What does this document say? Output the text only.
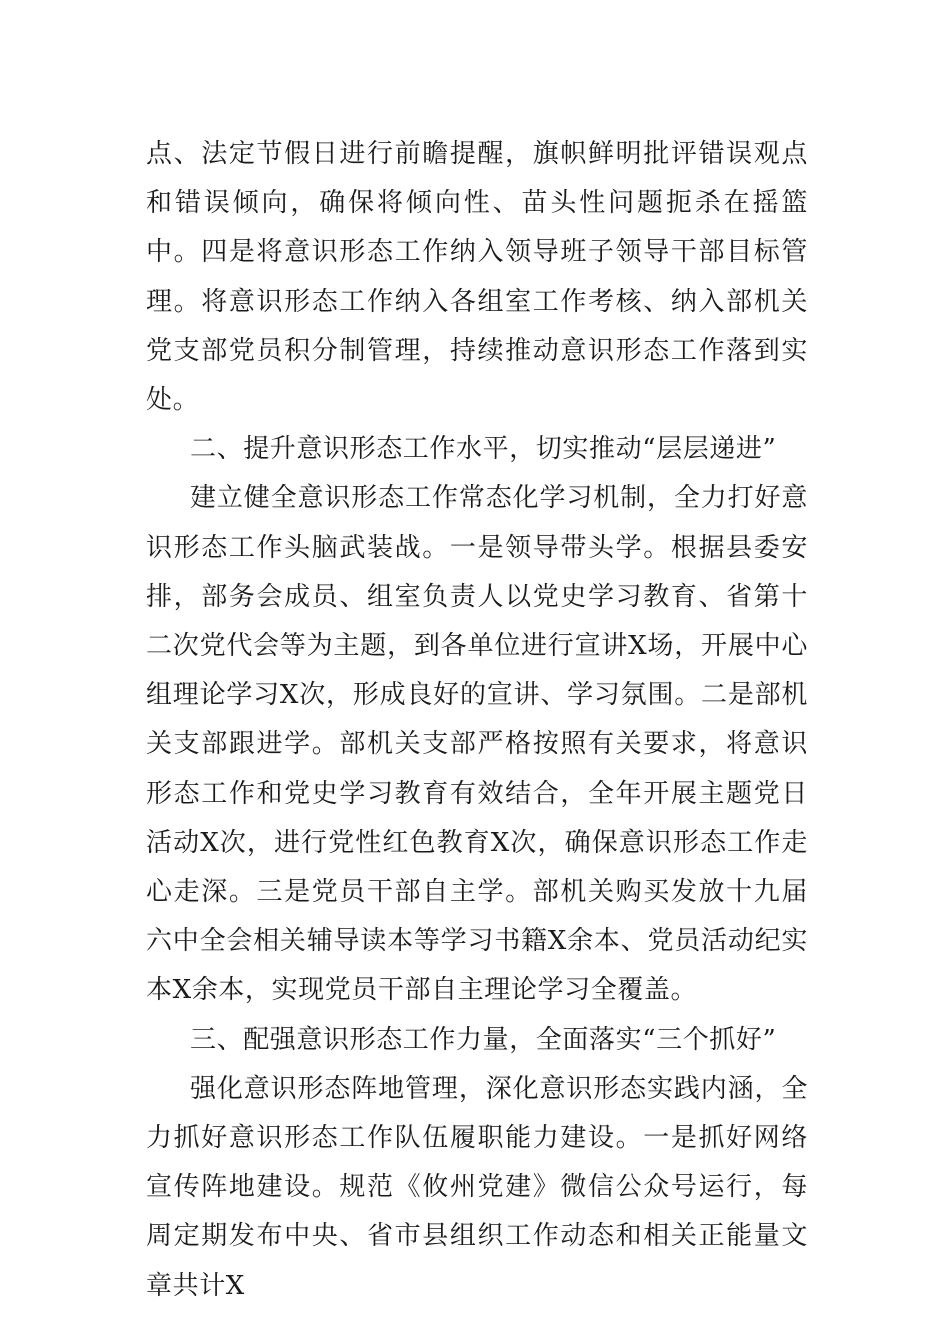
点、法定节假日进行前瞻提醒，旗帜鲜明批评错误观点和错误倾向，确保将倾向性、苗头性问题扼杀在摇篮中。四是将意识形态工作纳入领导班子领导干部目标管理。将意识形态工作纳入各组室工作考核、纳入部机关党支部党员积分制管理，持续推动意识形态工作落到实处。

二、提升意识形态工作水平，切实推动“层层递进”

建立健全意识形态工作常态化学习机制，全力打好意识形态工作头脑武装战。一是领导带头学。根据县委安排，部务会成员、组室负责人以党史学习教育、省第十二次党代会等为主题，到各单位进行宣讲X场，开展中心组理论学习X次，形成良好的宣讲、学习氛围。二是部机关支部跟进学。部机关支部严格按照有关要求，将意识形态工作和党史学习教育有效结合，全年开展主题党日活动X次，进行党性红色教育X次，确保意识形态工作走心走深。三是党员干部自主学。部机关购买发放十九届六中全会相关辅导读本等学习书籍X余本、党员活动纪实本X余本，实现党员干部自主理论学习全覆盖。

三、配强意识形态工作力量，全面落实“三个抓好”

强化意识形态阵地管理，深化意识形态实践内涵，全力抓好意识形态工作队伍履职能力建设。一是抓好网络宣传阵地建设。规范《攸州党建》微信公众号运行，每周定期发布中央、省市县组织工作动态和相关正能量文章共计X
